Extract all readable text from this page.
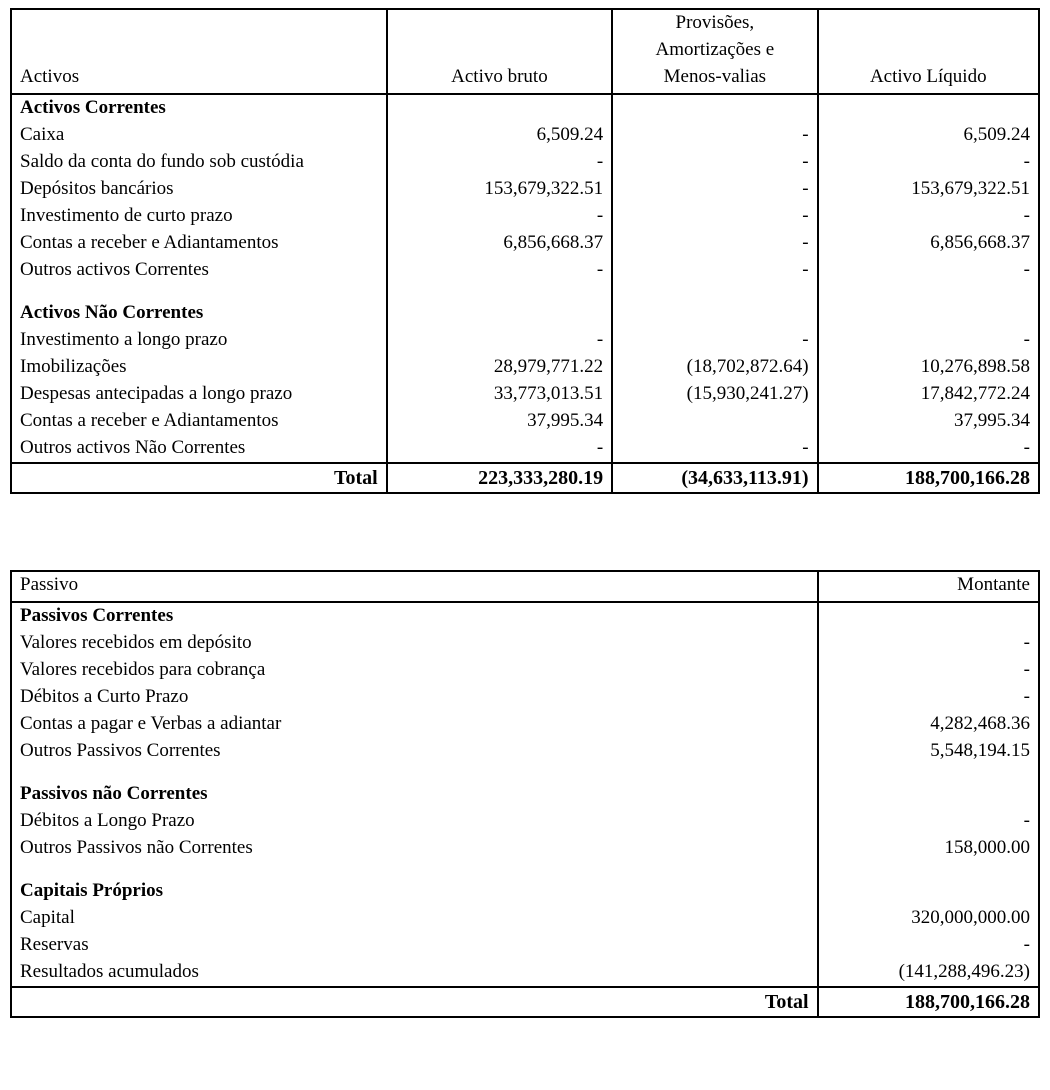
Activos	Activo bruto	Provisões,
Amortizações e
Menos-valias	Activo Líquido
Activos Correntes			
Caixa	6,509.24	-	6,509.24
Saldo da conta do fundo sob custódia	-	-	-
Depósitos bancários	153,679,322.51	-	153,679,322.51
Investimento de curto prazo	-	-	-
Contas a receber e Adiantamentos	6,856,668.37	-	6,856,668.37
Outros activos Correntes	-	-	-

Activos Não Correntes			
Investimento a longo prazo	-	-	-
Imobilizações	28,979,771.22	(18,702,872.64)	10,276,898.58
Despesas antecipadas a longo prazo	33,773,013.51	(15,930,241.27)	17,842,772.24
Contas a receber e Adiantamentos	37,995.34		37,995.34
Outros activos Não Correntes	-	-	-
Total	223,333,280.19	(34,633,113.91)	188,700,166.28
Passivo	Montante
Passivos Correntes	
Valores recebidos em depósito	-
Valores recebidos para cobrança	-
Débitos a Curto Prazo	-
Contas a pagar e Verbas a adiantar	4,282,468.36
Outros Passivos Correntes	5,548,194.15

Passivos não Correntes	
Débitos a Longo Prazo	-
Outros Passivos não Correntes	158,000.00

Capitais Próprios	
Capital	320,000,000.00
Reservas	-
Resultados acumulados	(141,288,496.23)
Total	188,700,166.28
